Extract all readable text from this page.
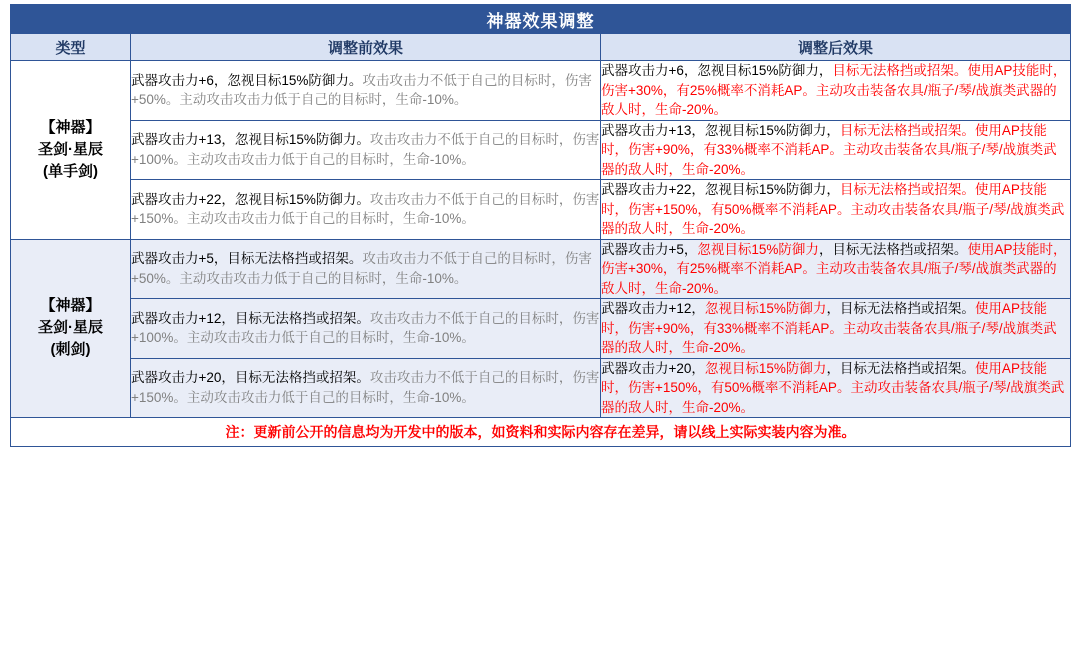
神器效果调整		
类型	调整前效果	调整后效果

【神器】
圣剑·星辰
(单手剑)	武器攻击力+6，忽视目标15%防御力。攻击攻击力不低于自己的目标时，伤害+50%。主动攻击攻击力低于自己的目标时，生命-10%。	武器攻击力+6，忽视目标15%防御力，目标无法格挡或招架。使用AP技能时，伤害+30%，有25%概率不消耗AP。主动攻击装备农具/瓶子/琴/战旗类武器的敌人时，生命-20%。
	武器攻击力+13，忽视目标15%防御力。攻击攻击力不低于自己的目标时，伤害+100%。主动攻击攻击力低于自己的目标时，生命-10%。	武器攻击力+13，忽视目标15%防御力，目标无法格挡或招架。使用AP技能时，伤害+90%，有33%概率不消耗AP。主动攻击装备农具/瓶子/琴/战旗类武器的敌人时，生命-20%。
	武器攻击力+22，忽视目标15%防御力。攻击攻击力不低于自己的目标时，伤害+150%。主动攻击攻击力低于自己的目标时，生命-10%。	武器攻击力+22，忽视目标15%防御力，目标无法格挡或招架。使用AP技能时，伤害+150%，有50%概率不消耗AP。主动攻击装备农具/瓶子/琴/战旗类武器的敌人时，生命-20%。

【神器】
圣剑·星辰
(刺剑)	武器攻击力+5，目标无法格挡或招架。攻击攻击力不低于自己的目标时，伤害+50%。主动攻击攻击力低于自己的目标时，生命-10%。	武器攻击力+5，忽视目标15%防御力，目标无法格挡或招架。使用AP技能时，伤害+30%，有25%概率不消耗AP。主动攻击装备农具/瓶子/琴/战旗类武器的敌人时，生命-20%。
	武器攻击力+12，目标无法格挡或招架。攻击攻击力不低于自己的目标时，伤害+100%。主动攻击攻击力低于自己的目标时，生命-10%。	武器攻击力+12，忽视目标15%防御力，目标无法格挡或招架。使用AP技能时，伤害+90%，有33%概率不消耗AP。主动攻击装备农具/瓶子/琴/战旗类武器的敌人时，生命-20%。
	武器攻击力+20，目标无法格挡或招架。攻击攻击力不低于自己的目标时，伤害+150%。主动攻击攻击力低于自己的目标时，生命-10%。	武器攻击力+20，忽视目标15%防御力，目标无法格挡或招架。使用AP技能时，伤害+150%，有50%概率不消耗AP。主动攻击装备农具/瓶子/琴/战旗类武器的敌人时，生命-20%。
注：更新前公开的信息均为开发中的版本，如资料和实际内容存在差异，请以线上实际实装内容为准。		
